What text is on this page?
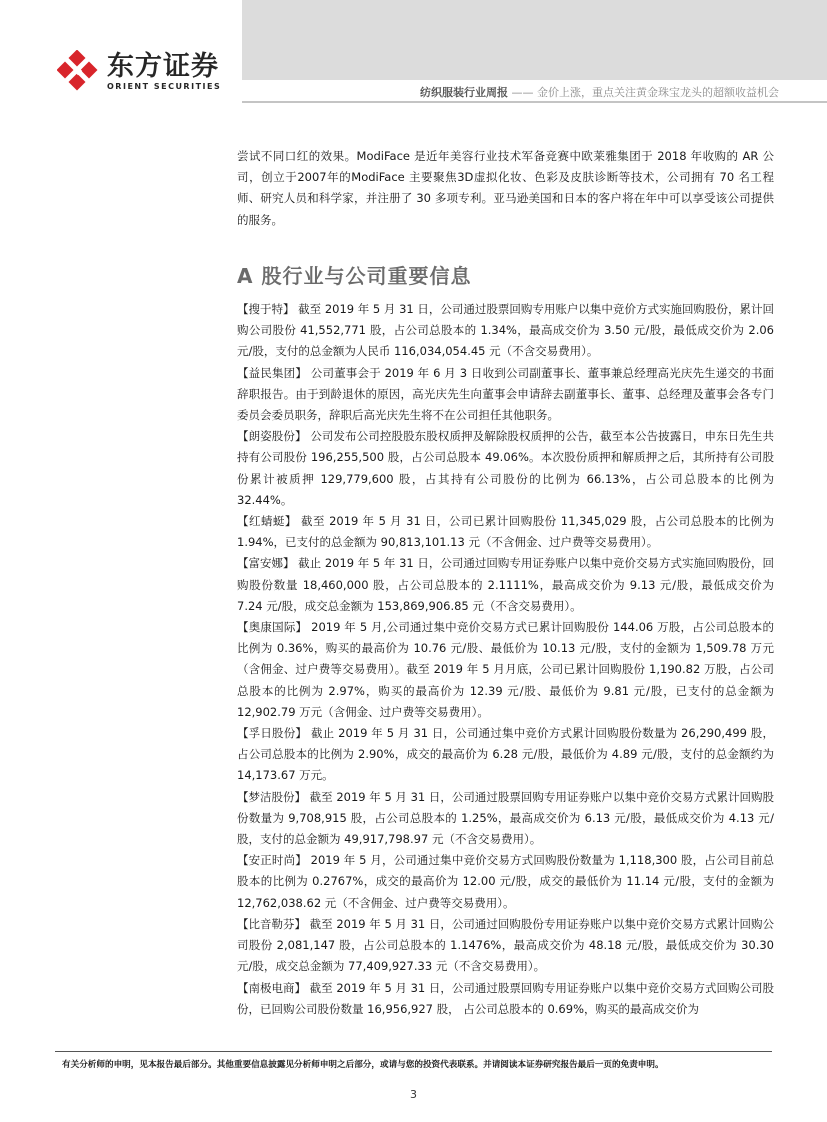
东方证券
ORIENT SECURITIES	纺织服装行业周报 —— 金价上涨，重点关注黄金珠宝龙头的超额收益机会

尝试不同口红的效果。ModiFace 是近年美容行业技术军备竞赛中欧莱雅集团于 2018 年收购的 AR 公司，创立于2007年的ModiFace 主要聚焦3D虚拟化妆、色彩及皮肤诊断等技术，公司拥有 70 名工程师、研究人员和科学家，并注册了 30 多项专利。亚马逊美国和日本的客户将在年中可以享受该公司提供的服务。

A 股行业与公司重要信息

【搜于特】 截至 2019 年 5 月 31 日，公司通过股票回购专用账户以集中竞价方式实施回购股份，累计回购公司股份 41,552,771 股，占公司总股本的 1.34%，最高成交价为 3.50 元/股，最低成交价为 2.06 元/股，支付的总金额为人民币 116,034,054.45 元（不含交易费用）。

【益民集团】 公司董事会于 2019 年 6 月 3 日收到公司副董事长、董事兼总经理高光庆先生递交的书面辞职报告。由于到龄退休的原因，高光庆先生向董事会申请辞去副董事长、董事、总经理及董事会各专门委员会委员职务，辞职后高光庆先生将不在公司担任其他职务。

【朗姿股份】 公司发布公司控股股东股权质押及解除股权质押的公告，截至本公告披露日，申东日先生共持有公司股份 196,255,500 股，占公司总股本 49.06%。本次股份质押和解质押之后，其所持有公司股份累计被质押 129,779,600 股，占其持有公司股份的比例为 66.13%，占公司总股本的比例为 32.44%。

【红蜻蜓】 截至 2019 年 5 月 31 日，公司已累计回购股份 11,345,029 股，占公司总股本的比例为 1.94%，已支付的总金额为 90,813,101.13 元（不含佣金、过户费等交易费用）。

【富安娜】 截止 2019 年 5 年 31 日，公司通过回购专用证券账户以集中竞价交易方式实施回购股份，回购股份数量 18,460,000 股，占公司总股本的 2.1111%，最高成交价为 9.13 元/股，最低成交价为 7.24 元/股，成交总金额为 153,869,906.85 元（不含交易费用）。

【奥康国际】 2019 年 5 月,公司通过集中竞价交易方式已累计回购股份 144.06 万股，占公司总股本的比例为 0.36%，购买的最高价为 10.76 元/股、最低价为 10.13 元/股，支付的金额为 1,509.78 万元（含佣金、过户费等交易费用）。截至 2019 年 5 月月底，公司已累计回购股份 1,190.82 万股，占公司总股本的比例为 2.97%，购买的最高价为 12.39 元/股、最低价为 9.81 元/股，已支付的总金额为 12,902.79 万元（含佣金、过户费等交易费用）。

【孚日股份】 截止 2019 年 5 月 31 日，公司通过集中竞价方式累计回购股份数量为 26,290,499 股，占公司总股本的比例为 2.90%，成交的最高价为 6.28 元/股，最低价为 4.89 元/股，支付的总金额约为 14,173.67 万元。

【梦洁股份】 截至 2019 年 5 月 31 日，公司通过股票回购专用证券账户以集中竞价交易方式累计回购股份数量为 9,708,915 股，占公司总股本的 1.25%，最高成交价为 6.13 元/股，最低成交价为 4.13 元/股，支付的总金额为 49,917,798.97 元（不含交易费用）。

【安正时尚】 2019 年 5 月，公司通过集中竞价交易方式回购股份数量为 1,118,300 股，占公司目前总股本的比例为 0.2767%，成交的最高价为 12.00 元/股，成交的最低价为 11.14 元/股，支付的金额为 12,762,038.62 元（不含佣金、过户费等交易费用）。

【比音勒芬】 截至 2019 年 5 月 31 日，公司通过回购股份专用证券账户以集中竞价交易方式累计回购公司股份 2,081,147 股，占公司总股本的 1.1476%，最高成交价为 48.18 元/股，最低成交价为 30.30 元/股，成交总金额为 77,409,927.33 元（不含交易费用）。

【南极电商】 截至 2019 年 5 月 31 日，公司通过股票回购专用证券账户以集中竞价交易方式回购公司股份，已回购公司股份数量 16,956,927 股， 占公司总股本的 0.69%，购买的最高成交价为

有关分析师的申明，见本报告最后部分。其他重要信息披露见分析师申明之后部分，或请与您的投资代表联系。并请阅读本证券研究报告最后一页的免责申明。
3
